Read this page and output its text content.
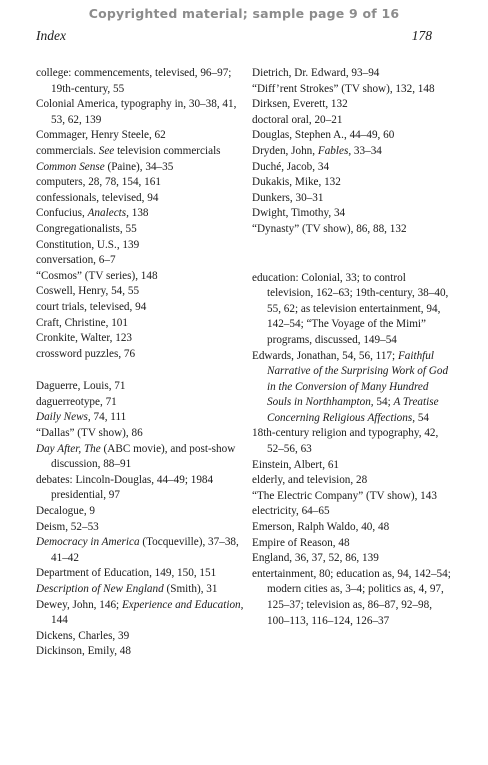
Copyrighted material; sample page 9 of 16
Index	178

college: commencements, televised, 96–97; 19th-century, 55

Colonial America, typography in, 30–38, 41, 53, 62, 139

Commager, Henry Steele, 62

commercials. See television commercials

Common Sense (Paine), 34–35

computers, 28, 78, 154, 161

confessionals, televised, 94

Confucius, Analects, 138

Congregationalists, 55

Constitution, U.S., 139

conversation, 6–7

“Cosmos” (TV series), 148

Coswell, Henry, 54, 55

court trials, televised, 94

Craft, Christine, 101

Cronkite, Walter, 123

crossword puzzles, 76

Daguerre, Louis, 71

daguerreotype, 71

Daily News, 74, 111

“Dallas” (TV show), 86

Day After, The (ABC movie), and post-show discussion, 88–91

debates: Lincoln-Douglas, 44–49; 1984 presidential, 97

Decalogue, 9

Deism, 52–53

Democracy in America (Tocqueville), 37–38, 41–42

Department of Education, 149, 150, 151

Description of New England (Smith), 31

Dewey, John, 146; Experience and Education, 144

Dickens, Charles, 39

Dickinson, Emily, 48

Dietrich, Dr. Edward, 93–94

“Diff’rent Strokes” (TV show), 132, 148

Dirksen, Everett, 132

doctoral oral, 20–21

Douglas, Stephen A., 44–49, 60

Dryden, John, Fables, 33–34

Duché, Jacob, 34

Dukakis, Mike, 132

Dunkers, 30–31

Dwight, Timothy, 34

“Dynasty” (TV show), 86, 88, 132

education: Colonial, 33; to control television, 162–63; 19th-century, 38–40, 55, 62; as television entertainment, 94, 142–54; “The Voyage of the Mimi” programs, discussed, 149–54

Edwards, Jonathan, 54, 56, 117; Faithful Narrative of the Surprising Work of God in the Conversion of Many Hundred Souls in Northhampton, 54; A Treatise Concerning Religious Affections, 54

18th-century religion and typography, 42, 52–56, 63

Einstein, Albert, 61

elderly, and television, 28

“The Electric Company” (TV show), 143

electricity, 64–65

Emerson, Ralph Waldo, 40, 48

Empire of Reason, 48

England, 36, 37, 52, 86, 139

entertainment, 80; education as, 94, 142–54; modern cities as, 3–4; politics as, 4, 97, 125–37; television as, 86–87, 92–98, 100–113, 116–124, 126–37
